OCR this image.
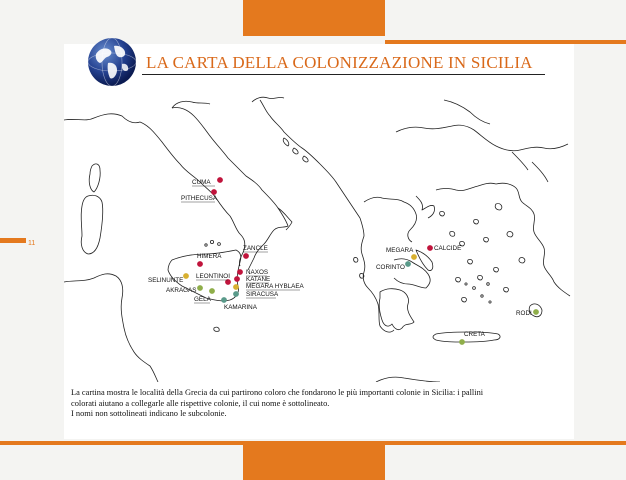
11
LA CARTA DELLA COLONIZZAZIONE IN SICILIA
CUMA
PITHECUSA
HIMERA
ZANCLE
NAXOS
KATANE
LEONTINOI
MEGARA HYBLAEA
SIRACUSA
SELINUNTE
AKRAGAS
GELA
KAMARINA
MEGARA	CALCIDE
CORINTO
RODI
CRETA

La cartina mostra le località della Grecia da cui partirono coloro che fondarono le più importanti colonie in Sicilia: i pallini

colorati aiutano a collegarle alle rispettive colonie, il cui nome è sottolineato.

I nomi non sottolineati indicano le subcolonie.
